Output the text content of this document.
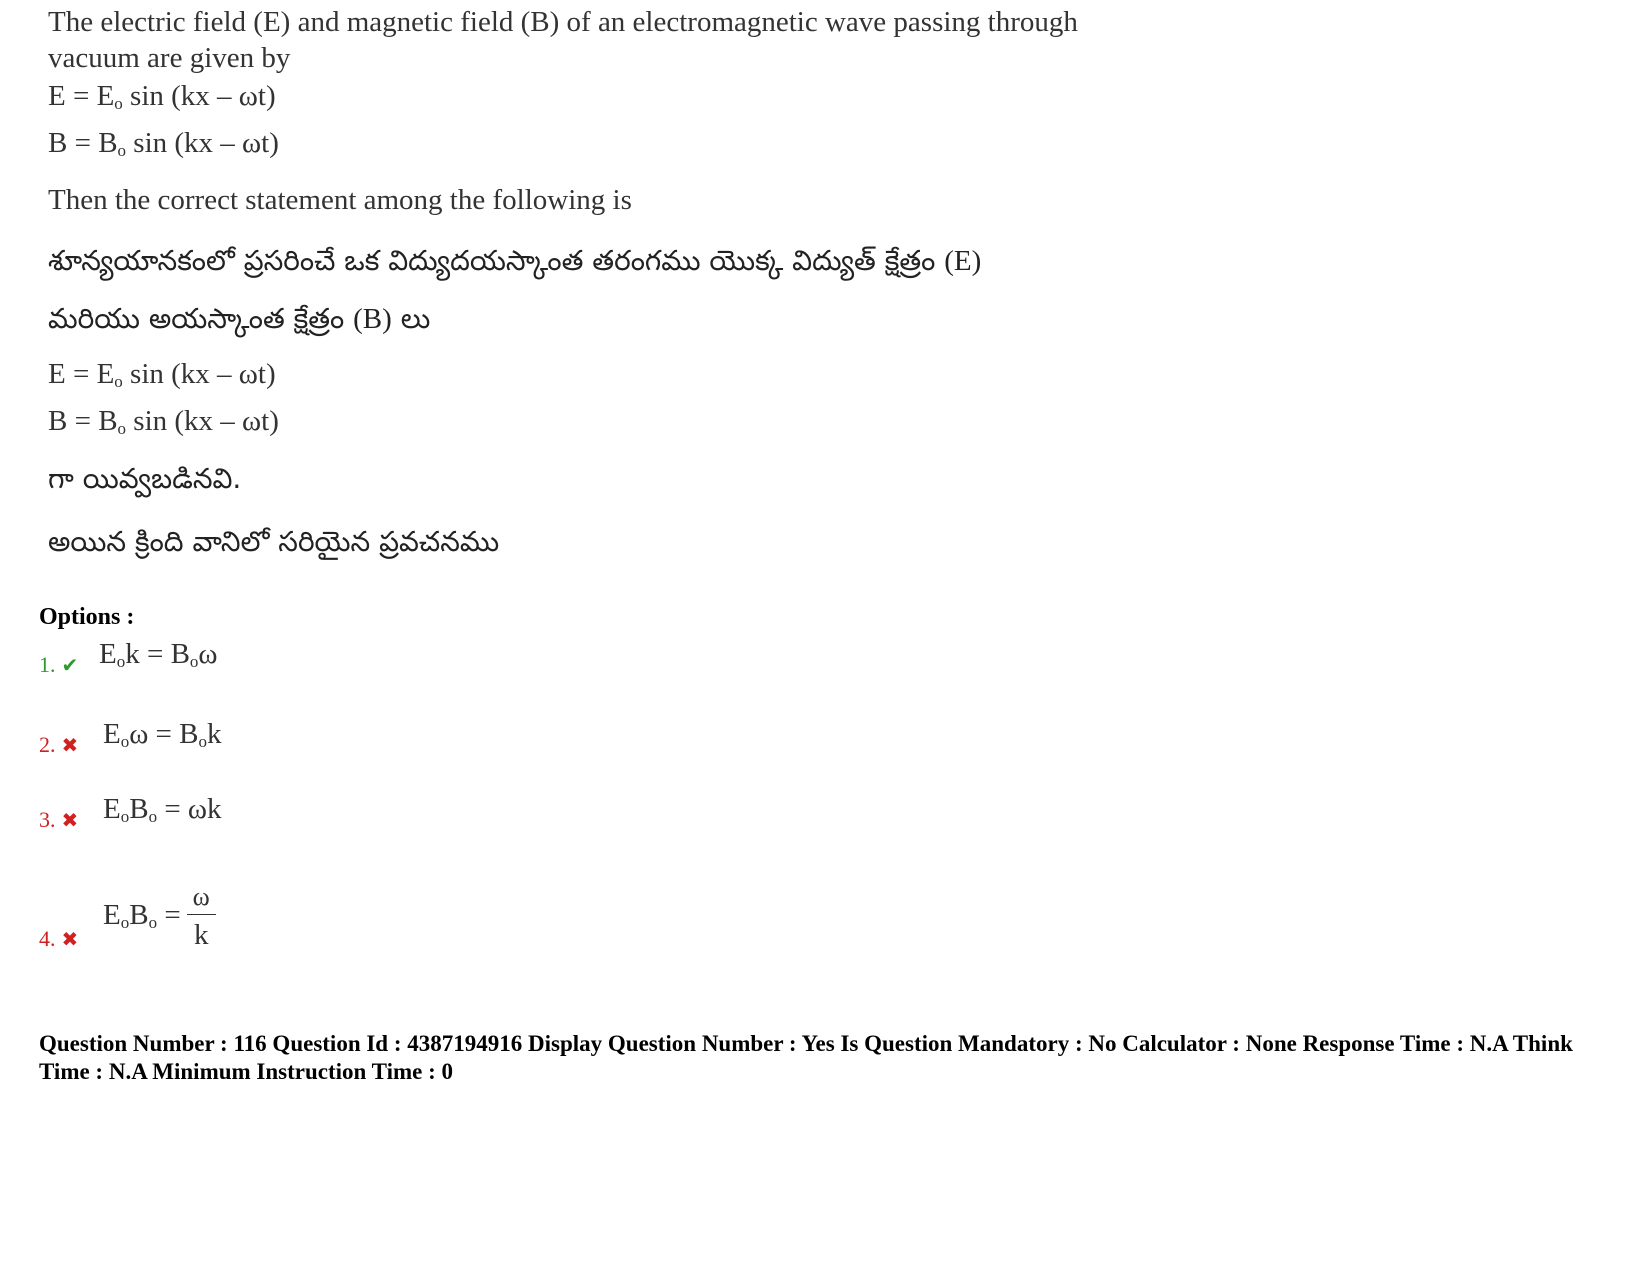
The electric field (E) and magnetic field (B) of an electromagnetic wave passing through vacuum are given by
$E = E_o$ sin (kx – ωt)
$B = B_o$ sin (kx – ωt)
Then the correct statement among the following is
శూన్యయానకంలో ప్రసరించే ఒక విద్యుదయస్కాంత తరంగము యొక్క విద్యుత్ క్షేత్రం (E)
మరియు అయస్కాంత క్షేత్రం (B) లు
$E = E_o$ sin (kx – ωt)
$B = B_o$ sin (kx – ωt)
గా యివ్వబడినవి.
అయిన క్రింది వానిలో సరియైన ప్రవచనము
Options :
1. ✔ $E_ok = B_o\omega$
2. ✖ $E_o\omega = B_ok$
3. ✖ $E_oB_o = \omega k$
4. ✖
$E_oB_o = \frac{\omega}{k}$
Question Number : 116 Question Id : 4387194916 Display Question Number : Yes Is Question Mandatory : No Calculator : None Response Time : N.A Think Time : N.A Minimum Instruction Time : 0
